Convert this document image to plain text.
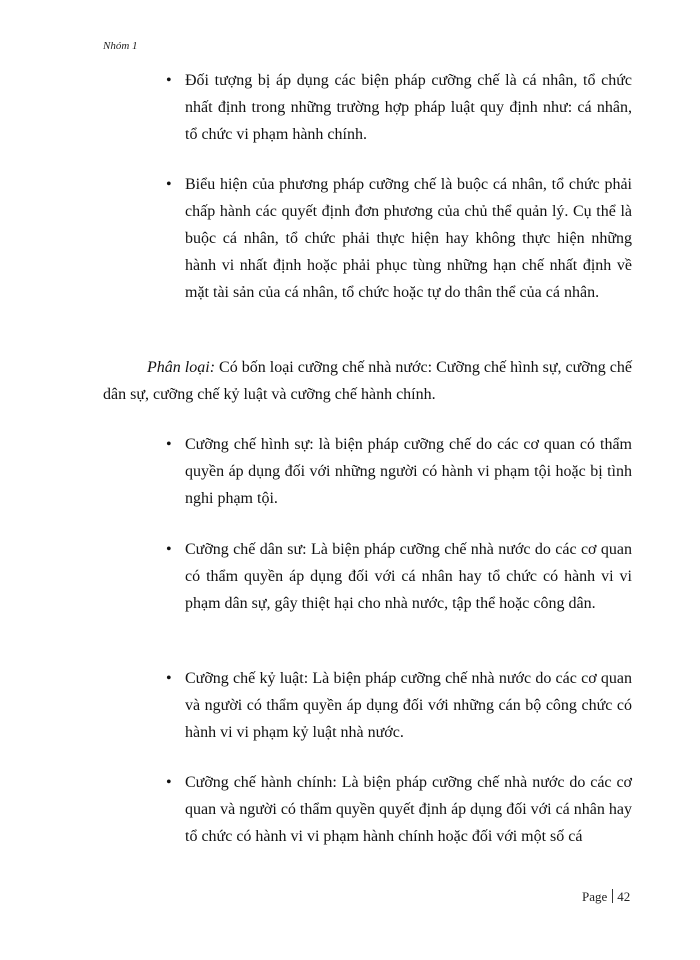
Nhóm 1
• Đối tượng bị áp dụng các biện pháp cưỡng chế là cá nhân, tổ chức nhất định trong những trường hợp pháp luật quy định như: cá nhân, tổ chức vi phạm hành chính.
• Biểu hiện của phương pháp cưỡng chế là buộc cá nhân, tổ chức phải chấp hành các quyết định đơn phương của chủ thể quản lý. Cụ thể là buộc cá nhân, tổ chức phải thực hiện hay không thực hiện những hành vi nhất định hoặc phải phục tùng những hạn chế nhất định về mặt tài sản của cá nhân, tổ chức hoặc tự do thân thể của cá nhân.
Phân loại: Có bốn loại cưỡng chế nhà nước: Cưỡng chế hình sự, cưỡng chế dân sự, cưỡng chế kỷ luật và cưỡng chế hành chính.
• Cưỡng chế hình sự: là biện pháp cưỡng chế do các cơ quan có thẩm quyền áp dụng đối với những người có hành vi phạm tội hoặc bị tình nghi phạm tội.
• Cưỡng chế dân sư: Là biện pháp cưỡng chế nhà nước do các cơ quan có thẩm quyền áp dụng đối với cá nhân hay tổ chức có hành vi vi phạm dân sự, gây thiệt hại cho nhà nước, tập thể hoặc công dân.
• Cưỡng chế kỷ luật: Là biện pháp cưỡng chế nhà nước do các cơ quan và người có thẩm quyền áp dụng đối với những cán bộ công chức có hành vi vi phạm kỷ luật nhà nước.
• Cưỡng chế hành chính: Là biện pháp cưỡng chế nhà nước do các cơ quan và người có thẩm quyền quyết định áp dụng đối với cá nhân hay tổ chức có hành vi vi phạm hành chính hoặc đối với một số cá
Page 42
